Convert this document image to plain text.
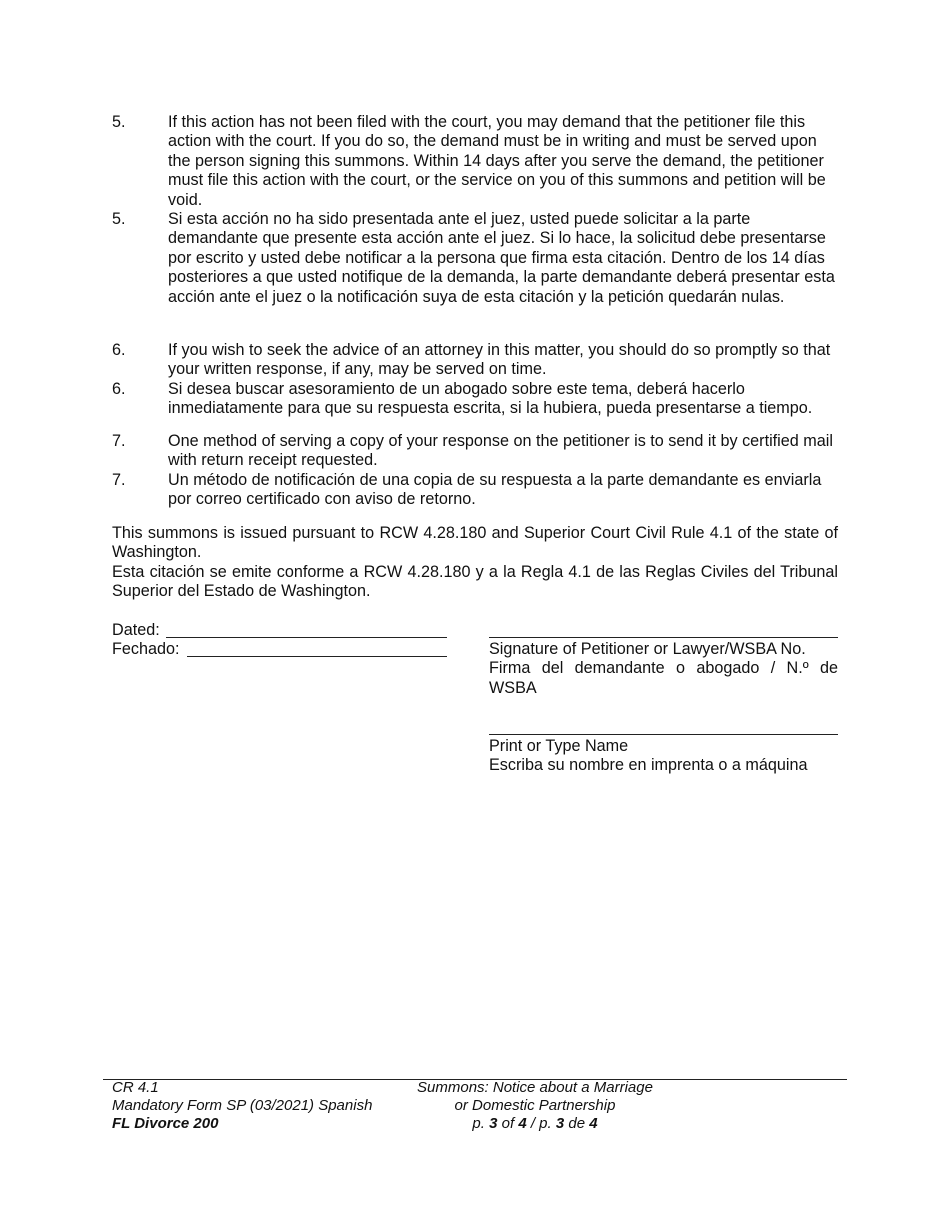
5.	If this action has not been filed with the court, you may demand that the petitioner file this action with the court. If you do so, the demand must be in writing and must be served upon the person signing this summons. Within 14 days after you serve the demand, the petitioner must file this action with the court, or the service on you of this summons and petition will be void.
5.	Si esta acción no ha sido presentada ante el juez, usted puede solicitar a la parte demandante que presente esta acción ante el juez. Si lo hace, la solicitud debe presentarse por escrito y usted debe notificar a la persona que firma esta citación. Dentro de los 14 días posteriores a que usted notifique de la demanda, la parte demandante deberá presentar esta acción ante el juez o la notificación suya de esta citación y la petición quedarán nulas.
6.	If you wish to seek the advice of an attorney in this matter, you should do so promptly so that your written response, if any, may be served on time.
6.	Si desea buscar asesoramiento de un abogado sobre este tema, deberá hacerlo inmediatamente para que su respuesta escrita, si la hubiera, pueda presentarse a tiempo.
7.	One method of serving a copy of your response on the petitioner is to send it by certified mail with return receipt requested.
7.	Un método de notificación de una copia de su respuesta a la parte demandante es enviarla por correo certificado con aviso de retorno.
This summons is issued pursuant to RCW 4.28.180 and Superior Court Civil Rule 4.1 of the state of Washington.
Esta citación se emite conforme a RCW 4.28.180 y a la Regla 4.1 de las Reglas Civiles del Tribunal Superior del Estado de Washington.
Dated:
Fechado:	Signature of Petitioner or Lawyer/WSBA No.
Firma del demandante o abogado / N.º de WSBA
Print or Type Name
Escriba su nombre en imprenta o a máquina
CR 4.1
Mandatory Form SP (03/2021) Spanish
FL Divorce 200
Summons: Notice about a Marriage
or Domestic Partnership
p. 3 of 4 / p. 3 de 4
